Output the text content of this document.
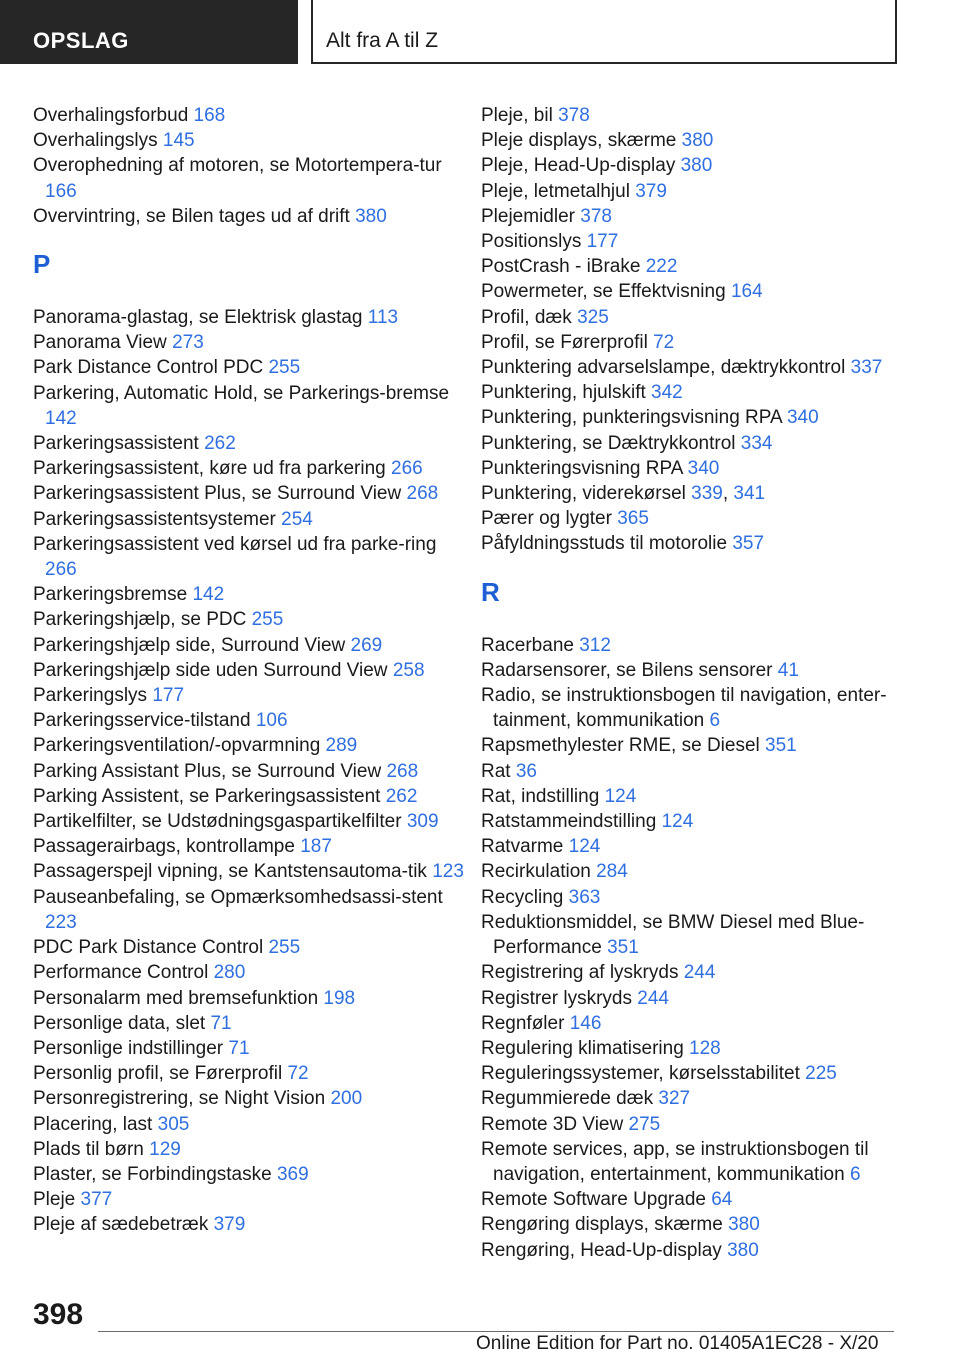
OPSLAG	Alt fra A til Z

Overhalingsforbud 168

Overhalingslys 145

Overophedning af motoren, se Motortempera-tur 166

Overvintring, se Bilen tages ud af drift 380

P

Panorama-glastag, se Elektrisk glastag 113

Panorama View 273

Park Distance Control PDC 255

Parkering, Automatic Hold, se Parkerings-bremse 142

Parkeringsassistent 262

Parkeringsassistent, køre ud fra parkering 266

Parkeringsassistent Plus, se Surround View 268

Parkeringsassistentsystemer 254

Parkeringsassistent ved kørsel ud fra parke-ring 266

Parkeringsbremse 142

Parkeringshjælp, se PDC 255

Parkeringshjælp side, Surround View 269

Parkeringshjælp side uden Surround View 258

Parkeringslys 177

Parkeringsservice-tilstand 106

Parkeringsventilation/-opvarmning 289

Parking Assistant Plus, se Surround View 268

Parking Assistent, se Parkeringsassistent 262

Partikelfilter, se Udstødningsgaspartikelfilter 309

Passagerairbags, kontrollampe 187

Passagerspejl vipning, se Kantstensautoma-tik 123

Pauseanbefaling, se Opmærksomhedsassi-stent 223

PDC Park Distance Control 255

Performance Control 280

Personalarm med bremsefunktion 198

Personlige data, slet 71

Personlige indstillinger 71

Personlig profil, se Førerprofil 72

Personregistrering, se Night Vision 200

Placering, last 305

Plads til børn 129

Plaster, se Forbindingstaske 369

Pleje 377

Pleje af sædebetræk 379

Pleje, bil 378

Pleje displays, skærme 380

Pleje, Head-Up-display 380

Pleje, letmetalhjul 379

Plejemidler 378

Positionslys 177

PostCrash - iBrake 222

Powermeter, se Effektvisning 164

Profil, dæk 325

Profil, se Førerprofil 72

Punktering advarselslampe, dæktrykkontrol 337

Punktering, hjulskift 342

Punktering, punkteringsvisning RPA 340

Punktering, se Dæktrykkontrol 334

Punkteringsvisning RPA 340

Punktering, viderekørsel 339, 341

Pærer og lygter 365

Påfyldningsstuds til motorolie 357

R

Racerbane 312

Radarsensorer, se Bilens sensorer 41

Radio, se instruktionsbogen til navigation, enter-tainment, kommunikation 6

Rapsmethylester RME, se Diesel 351

Rat 36

Rat, indstilling 124

Ratstammeindstilling 124

Ratvarme 124

Recirkulation 284

Recycling 363

Reduktionsmiddel, se BMW Diesel med Blue-Performance 351

Registrering af lyskryds 244

Registrer lyskryds 244

Regnføler 146

Regulering klimatisering 128

Reguleringssystemer, kørselsstabilitet 225

Regummierede dæk 327

Remote 3D View 275

Remote services, app, se instruktionsbogen til navigation, entertainment, kommunikation 6

Remote Software Upgrade 64

Rengøring displays, skærme 380

Rengøring, Head-Up-display 380

398
Online Edition for Part no. 01405A1EC28 - X/20
